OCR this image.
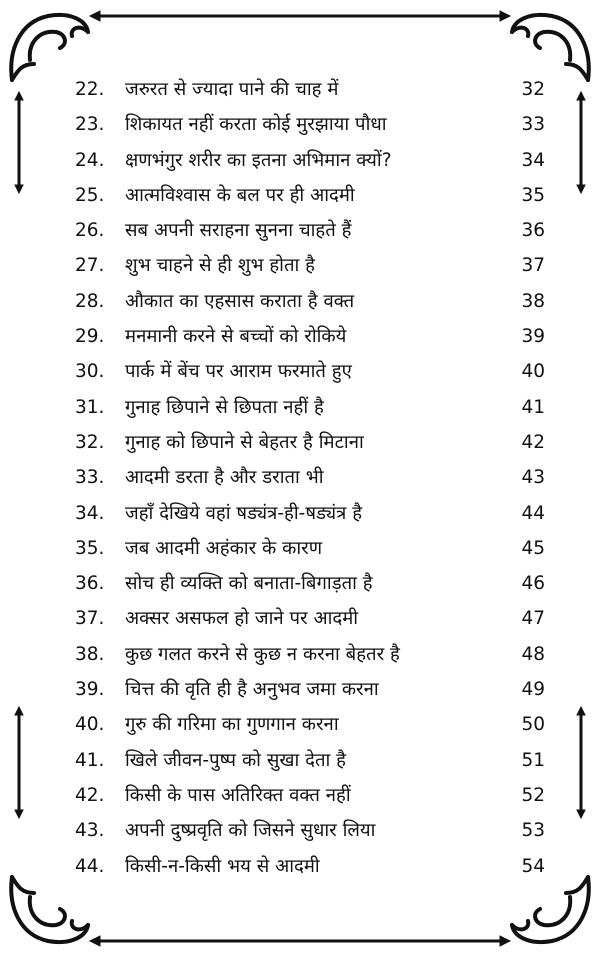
22.	जरुरत से ज्यादा पाने की चाह में	32
23.	शिकायत नहीं करता कोई मुरझाया पौधा	33
24.	क्षणभंगुर शरीर का इतना अभिमान क्यों?	34
25.	आत्मविश्वास के बल पर ही आदमी	35
26.	सब अपनी सराहना सुनना चाहते हैं	36
27.	शुभ चाहने से ही शुभ होता है	37
28.	औकात का एहसास कराता है वक्त	38
29.	मनमानी करने से बच्चों को रोकिये	39
30.	पार्क में बेंच पर आराम फरमाते हुए	40
31.	गुनाह छिपाने से छिपता नहीं है	41
32.	गुनाह को छिपाने से बेहतर है मिटाना	42
33.	आदमी डरता है और डराता भी	43
34.	जहाँ देखिये वहां षड्यंत्र-ही-षड्यंत्र है	44
35.	जब आदमी अहंकार के कारण	45
36.	सोच ही व्यक्ति को बनाता-बिगाड़ता है	46
37.	अक्सर असफल हो जाने पर आदमी	47
38.	कुछ गलत करने से कुछ न करना बेहतर है	48
39.	चित्त की वृति ही है अनुभव जमा करना	49
40.	गुरु की गरिमा का गुणगान करना	50
41.	खिले जीवन-पुष्प को सुखा देता है	51
42.	किसी के पास अतिरिक्त वक्त नहीं	52
43.	अपनी दुष्प्रवृति को जिसने सुधार लिया	53
44.	किसी-न-किसी भय से आदमी	54
